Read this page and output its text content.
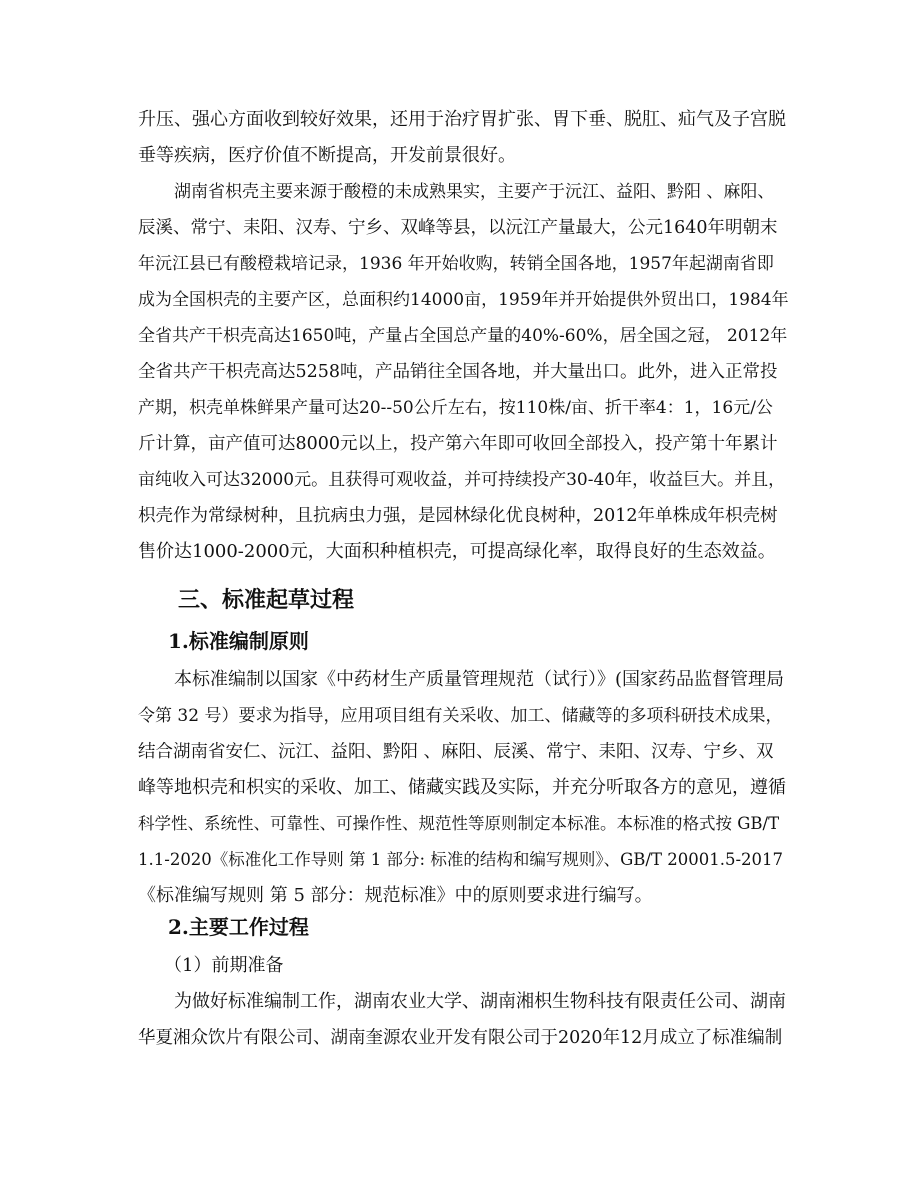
升压、强心方面收到较好效果，还用于治疗胃扩张、胃下垂、脱肛、疝气及子宫脱
垂等疾病，医疗价值不断提高，开发前景很好。
湖南省枳壳主要来源于酸橙的未成熟果实，主要产于沅江、益阳、黔阳 、麻阳、
辰溪、常宁、耒阳、汉寿、宁乡、双峰等县，以沅江产量最大，公元1640年明朝末
年沅江县已有酸橙栽培记录，1936 年开始收购，转销全国各地，1957年起湖南省即
成为全国枳壳的主要产区，总面积约14000亩，1959年并开始提供外贸出口，1984年
全省共产干枳壳高达1650吨，产量占全国总产量的40%-60%，居全国之冠， 2012年
全省共产干枳壳高达5258吨，产品销往全国各地，并大量出口。此外，进入正常投
产期，枳壳单株鲜果产量可达20--50公斤左右，按110株/亩、折干率4：1，16元/公
斤计算，亩产值可达8000元以上，投产第六年即可收回全部投入，投产第十年累计
亩纯收入可达32000元。且获得可观收益，并可持续投产30-40年，收益巨大。并且，
枳壳作为常绿树种，且抗病虫力强，是园林绿化优良树种，2012年单株成年枳壳树
售价达1000-2000元，大面积种植枳壳，可提高绿化率，取得良好的生态效益。
三、标准起草过程
1.标准编制原则
本标准编制以国家《中药材生产质量管理规范（试行）》(国家药品监督管理局
令第 32 号）要求为指导，应用项目组有关采收、加工、储藏等的多项科研技术成果，
结合湖南省安仁、沅江、益阳、黔阳 、麻阳、辰溪、常宁、耒阳、汉寿、宁乡、双
峰等地枳壳和枳实的采收、加工、储藏实践及实际，并充分听取各方的意见，遵循
科学性、系统性、可靠性、可操作性、规范性等原则制定本标准。本标准的格式按 GB/T
1.1-2020《标准化工作导则 第 1 部分: 标准的结构和编写规则》、GB/T 20001.5-2017
《标准编写规则 第 5 部分：规范标准》中的原则要求进行编写。
2.主要工作过程
（1）前期准备
为做好标准编制工作，湖南农业大学、湖南湘枳生物科技有限责任公司、湖南
华夏湘众饮片有限公司、湖南奎源农业开发有限公司于2020年12月成立了标准编制
